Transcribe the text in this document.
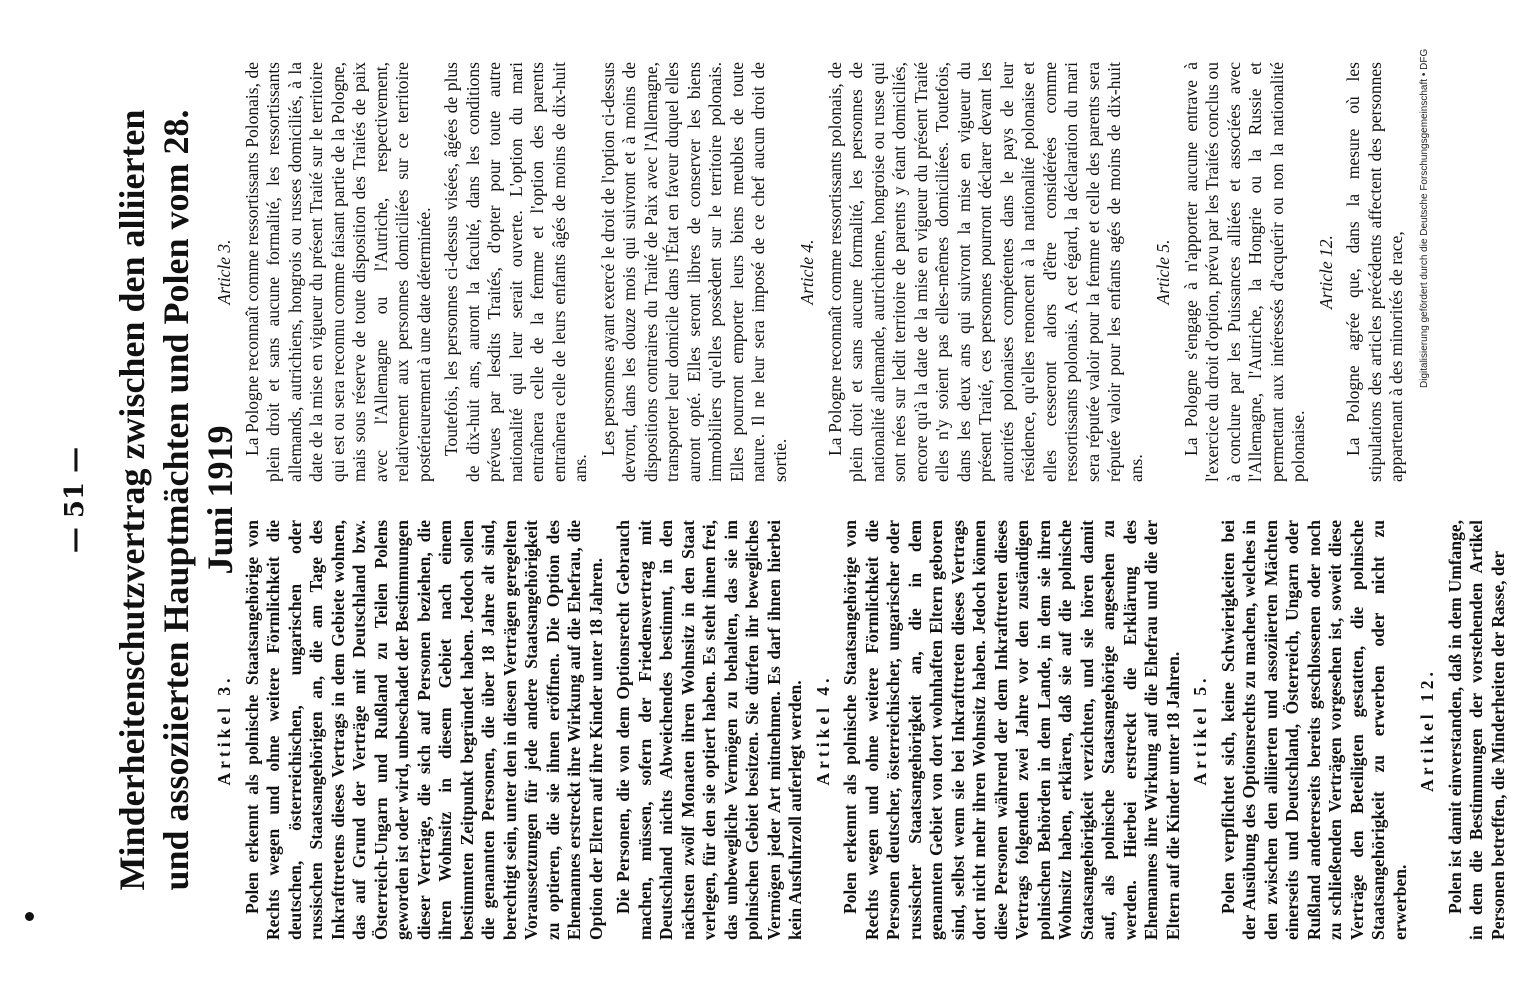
— 51 — Minderheitenschutzvertrag zwischen den alliierten und assoziierten Hauptmächten und Polen vom 28. Juni 1919

Artikel 3. Polen erkennt als polnische Staatsangehörige von Rechts wegen und ohne weitere Förmlichkeit die deutschen, österreichischen, ungarischen oder russischen Staatsangehörigen an, die am Tage des Inkrafttretens dieses Vertrags in dem Gebiete wohnen, das auf Grund der Verträge mit Deutschland bzw. Österreich-Ungarn und Rußland zu Teilen Polens geworden ist oder wird, unbeschadet der Bestimmungen dieser Verträge, die sich auf Personen beziehen, die ihren Wohnsitz in diesem Gebiet nach einem bestimmten Zeitpunkt begründet haben. Jedoch sollen die genannten Personen, die über 18 Jahre alt sind, berechtigt sein, unter den in diesen Verträgen geregelten Voraussetzungen für jede andere Staatsangehörigkeit zu optieren, die sie ihnen eröffnen. Die Option des Ehemannes erstreckt ihre Wirkung auf die Ehefrau, die Option der Eltern auf ihre Kinder unter 18 Jahren. Die Personen, die von dem Optionsrecht Gebrauch machen, müssen, sofern der Friedensvertrag mit Deutschland nichts Abweichendes bestimmt, in den nächsten zwölf Monaten ihren Wohnsitz in den Staat verlegen, für den sie optiert haben. Es steht ihnen frei, das unbewegliche Vermögen zu behalten, das sie im polnischen Gebiet besitzen. Sie dürfen ihr bewegliches Vermögen jeder Art mitnehmen. Es darf ihnen hierbei kein Ausfuhrzoll auferlegt werden. Artikel 4. Polen erkennt als polnische Staatsangehörige von Rechts wegen und ohne weitere Förmlichkeit die Personen deutscher, österreichischer, ungarischer oder russischer Staatsangehörigkeit an, die in dem genannten Gebiet von dort wohnhaften Eltern geboren sind, selbst wenn sie bei Inkrafttreten dieses Vertrags dort nicht mehr ihren Wohnsitz haben. Jedoch können diese Personen während der dem Inkrafttreten dieses Vertrags folgenden zwei Jahre vor den zuständigen polnischen Behörden in dem Lande, in dem sie ihren Wohnsitz haben, erklären, daß sie auf die polnische Staatsangehörigkeit verzichten, und sie hören damit auf, als polnische Staatsangehörige angesehen zu werden. Hierbei erstreckt die Erklärung des Ehemannes ihre Wirkung auf die Ehefrau und die der Eltern auf die Kinder unter 18 Jahren. Artikel 5. Polen verpflichtet sich, keine Schwierigkeiten bei der Ausübung des Optionsrechts zu machen, welches in den zwischen den alliierten und assoziierten Mächten einerseits und Deutschland, Österreich, Ungarn oder Rußland andererseits bereits geschlossenen oder noch zu schließenden Verträgen vorgesehen ist, soweit diese Verträge den Beteiligten gestatten, die polnische Staatsangehörigkeit zu erwerben oder nicht zu erwerben.

Artikel 12. Polen ist damit einverstanden, daß in dem Umfange, in dem die Bestimmungen der vorstehenden Artikel Personen betreffen, die Minderheiten der Rasse, der

Article 3. La Pologne reconnaît comme ressortissants Polonais, de plein droit et sans aucune formalité, les ressortissants allemands, autrichiens, hongrois ou russes domiciliés, à la date de la mise en vigueur du présent Traité sur le territoire qui est ou sera reconnu comme faisant partie de la Pologne, mais sous réserve de toute disposition des Traités de paix avec l'Allemagne ou l'Autriche, respectivement, relativement aux personnes domiciliées sur ce territoire postérieurement à une date déterminée. Toutefois, les personnes ci-dessus visées, âgées de plus de dix-huit ans, auront la faculté, dans les conditions prévues par lesdits Traités, d'opter pour toute autre nationalité qui leur serait ouverte. L'option du mari entraînera celle de la femme et l'option des parents entraînera celle de leurs enfants âgés de moins de dix-huit ans.

Les personnes ayant exercé le droit de l'option ci-dessus devront, dans les douze mois qui suivront et à moins de dispositions contraires du Traité de Paix avec l'Allemagne, transporter leur domicile dans l'État en faveur duquel elles auront opté. Elles seront libres de conserver les biens immobiliers qu'elles possèdent sur le territoire polonais. Elles pourront emporter leurs biens meubles de toute nature. Il ne leur sera imposé de ce chef aucun droit de sortie.

Article 4. La Pologne reconnaît comme ressortissants polonais, de plein droit et sans aucune formalité, les personnes de nationalité allemande, autrichienne, hongroise ou russe qui sont nées sur ledit territoire de parents y étant domiciliés, encore qu'à la date de la mise en vigueur du présent Traité elles n'y soient pas elles-mêmes domiciliées. Toutefois, dans les deux ans qui suivront la mise en vigueur du présent Traité, ces personnes pourront déclarer devant les autorités polonaises compétentes dans le pays de leur résidence, qu'elles renoncent à la nationalité polonaise et elles cesseront alors d'être considérées comme ressortissants polonais. A cet égard, la déclaration du mari sera réputée valoir pour la femme et celle des parents sera réputée valoir pour les enfants agés de moins de dix-huit ans.

Article 5. La Pologne s'engage à n'apporter aucune entrave à l'exercice du droit d'option, prévu par les Traités conclus ou à conclure par les Puissances alliées et associées avec l'Allemagne, l'Autriche, la Hongrie ou la Russie et permettant aux intéressés d'acquérir ou non la nationalité polonaise.

Article 12. La Pologne agrée que, dans la mesure où les stipulations des articles précédents affectent des personnes appartenant à des minorités de race,	Digitalisierung gefördert durch die Deutsche Forschungsgemeinschaft • DFG
